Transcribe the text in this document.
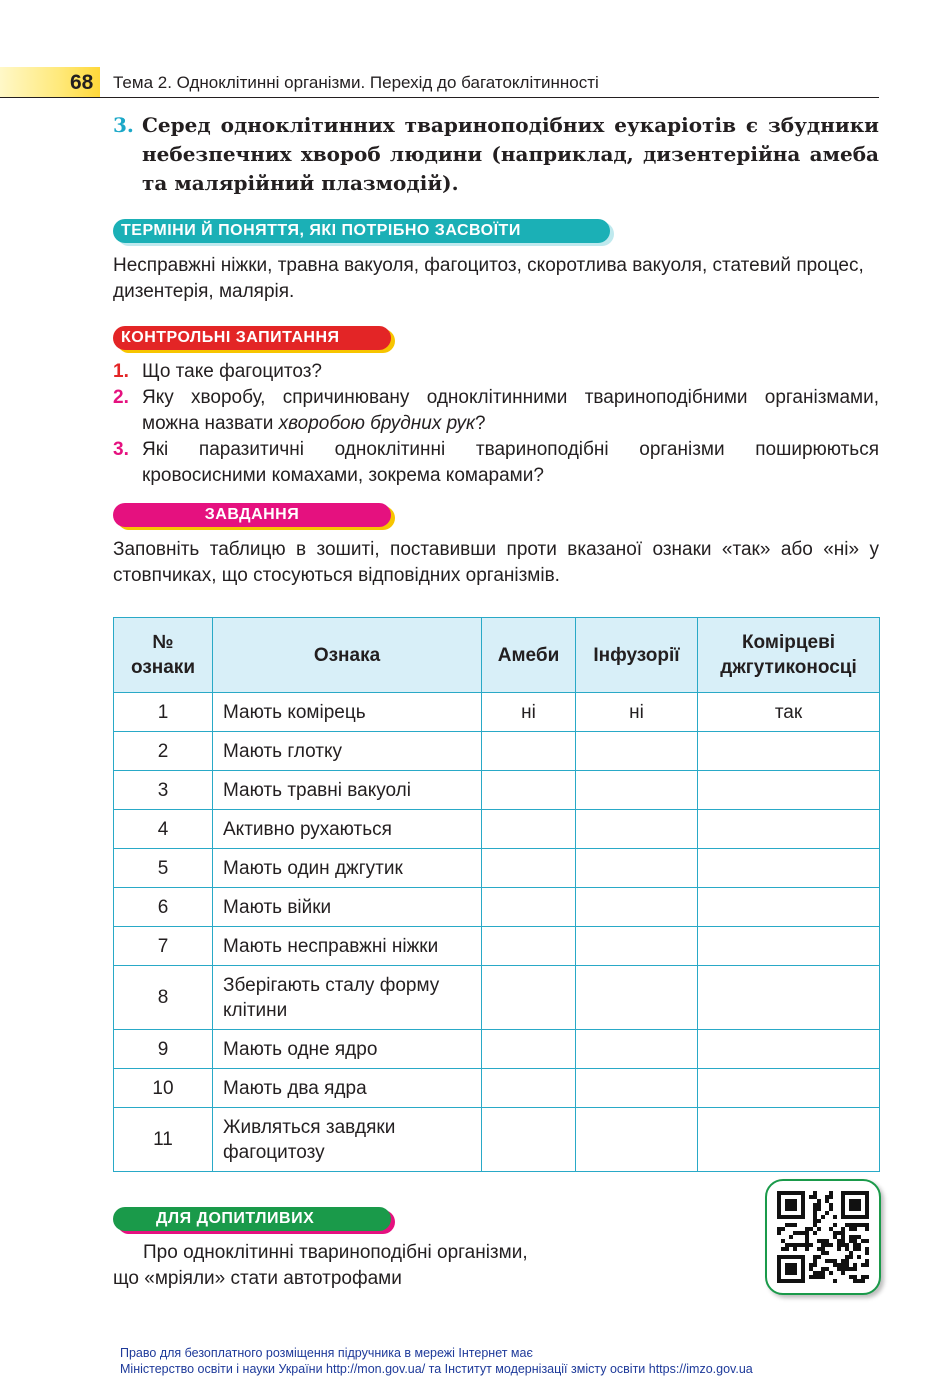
68 Тема 2. Одноклітинні організми. Перехід до багатоклітинності
3. Серед одноклітинних твариноподібних еукаріотів є збудники
небезпечних хвороб людини (наприклад, дизентерійна амеба
та малярійний плазмодій).
ТЕРМІНИ Й ПОНЯТТЯ, ЯКІ ПОТРІБНО ЗАСВОЇТИ
Несправжні ніжки, травна вакуоля, фагоцитоз, скоротлива вакуоля, статевий процес, дизентерія, малярія.
КОНТРОЛЬНІ ЗАПИТАННЯ
1. Що таке фагоцитоз?
2. Яку хворобу, спричинювану одноклітинними твариноподібними організмами, можна назвати хворобою брудних рук?
3. Які паразитичні одноклітинні твариноподібні організми поширюються кровосисними комахами, зокрема комарами?
ЗАВДАННЯ
Заповніть таблицю в зошиті, поставивши проти вказаної ознаки «так» або «ні» у стовпчиках, що стосуються відповідних організмів.
№
ознаки	Ознака	Амеби	Інфузорії	Комірцеві
джгутиконосці
1	Мають комірець	ні	ні	так
2	Мають глотку			
3	Мають травні вакуолі			
4	Активно рухаються			
5	Мають один джгутик			
6	Мають війки			
7	Мають несправжні ніжки			
8	Зберігають сталу форму клітини			
9	Мають одне ядро			
10	Мають два ядра			
11	Живляться завдяки фагоцитозу			
ДЛЯ ДОПИТЛИВИХ
Про одноклітинні твариноподібні організми,
що «мріяли» стати автотрофами
Право для безоплатного розміщення підручника в мережі Інтернет має
Міністерство освіти і науки України http://mon.gov.ua/ та Інститут модернізації змісту освіти https://imzo.gov.ua
